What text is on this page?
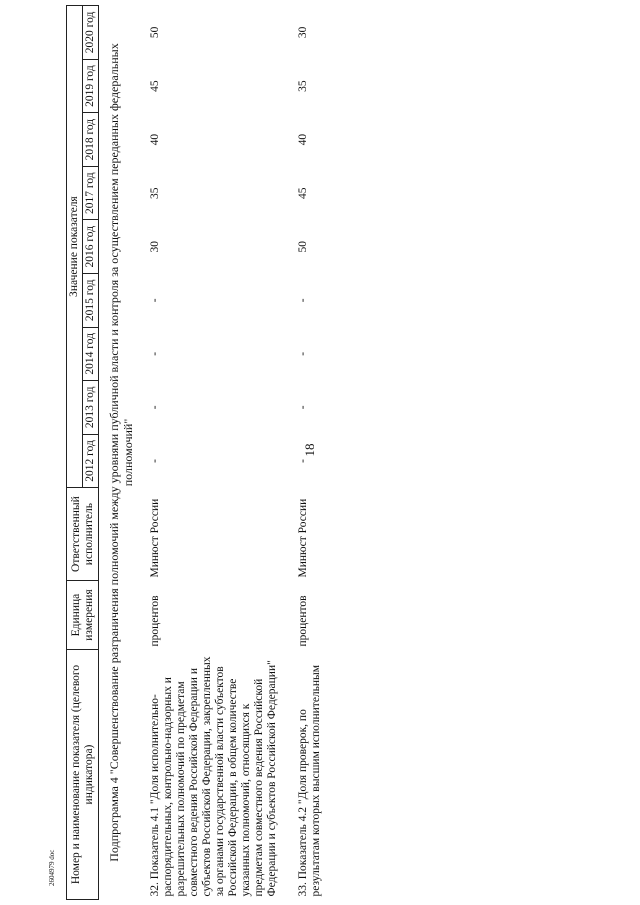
18
Номер и наименование показателя (целевого индикатора)	Единица измерения	Ответственный исполнитель	Значение показателя								
			2012 год	2013 год	2014 год	2015 год	2016 год	2017 год	2018 год	2019 год	2020 год
Подпрограмма 4 "Совершенствование разграничения полномочий между уровнями публичной власти и контроля за осуществлением переданных федеральных полномочий"											
32. Показатель 4.1 "Доля исполнительно-распорядительных, контрольно-надзорных и разрешительных полномочий по предметам совместного ведения Российской Федерации и субъектов Российской Федерации, закрепленных за органами государственной власти субъектов Российской Федерации, в общем количестве указанных полномочий, относящихся к предметам совместного ведения Российской Федерации и субъектов Российской Федерации"	процентов	Минюст России	-	-	-	-	30	35	40	45	50
33. Показатель 4.2 "Доля проверок, по результатам которых высшим исполнительным	процентов	Минюст России	-	-	-	-	50	45	40	35	30
2604979 doc
